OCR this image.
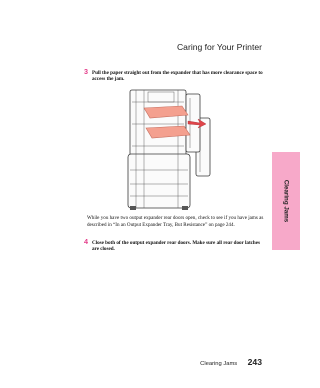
Caring for Your Printer
3 Pull the paper straight out from the expander that has more clearance space to access the jam.
While you have two output expander rear doors open, check to see if you have jams as described in “In an Output Expander Tray, But Resistance” on page 244.
4 Close both of the output expander rear doors. Make sure all rear door latches are closed.
Clearing Jams
Clearing Jams 243
